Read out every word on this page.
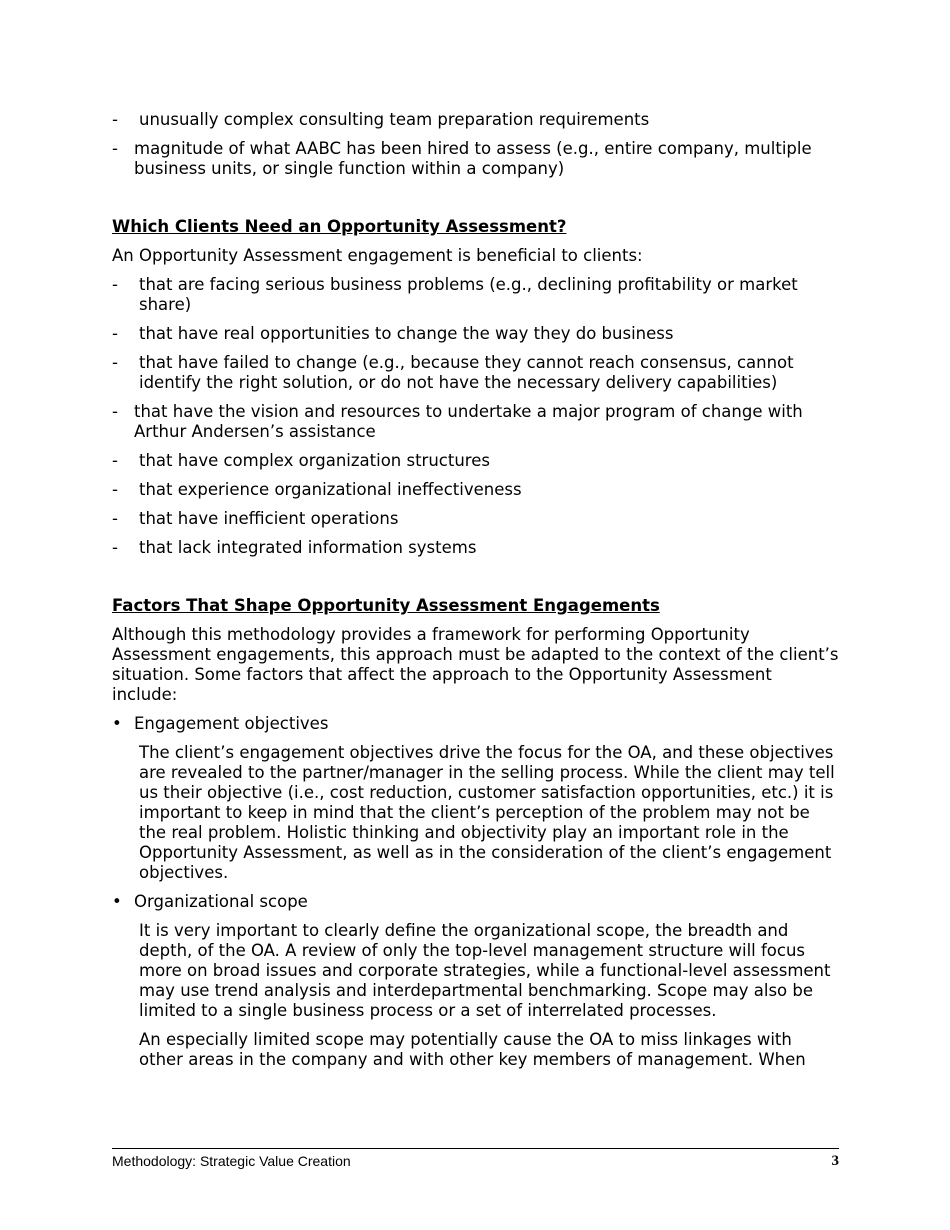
- unusually complex consulting team preparation requirements
- magnitude of what AABC has been hired to assess (e.g., entire company, multiple business units, or single function within a company)
Which Clients Need an Opportunity Assessment?
An Opportunity Assessment engagement is beneficial to clients:
- that are facing serious business problems (e.g., declining profitability or market share)
- that have real opportunities to change the way they do business
- that have failed to change (e.g., because they cannot reach consensus, cannot identify the right solution, or do not have the necessary delivery capabilities)
- that have the vision and resources to undertake a major program of change with Arthur Andersen’s assistance
- that have complex organization structures
- that experience organizational ineffectiveness
- that have inefficient operations
- that lack integrated information systems
Factors That Shape Opportunity Assessment Engagements
Although this methodology provides a framework for performing Opportunity Assessment engagements, this approach must be adapted to the context of the client’s situation. Some factors that affect the approach to the Opportunity Assessment include:
• Engagement objectives
The client’s engagement objectives drive the focus for the OA, and these objectives are revealed to the partner/manager in the selling process. While the client may tell us their objective (i.e., cost reduction, customer satisfaction opportunities, etc.) it is important to keep in mind that the client’s perception of the problem may not be the real problem. Holistic thinking and objectivity play an important role in the Opportunity Assessment, as well as in the consideration of the client’s engagement objectives.
• Organizational scope
It is very important to clearly define the organizational scope, the breadth and depth, of the OA. A review of only the top-level management structure will focus more on broad issues and corporate strategies, while a functional-level assessment may use trend analysis and interdepartmental benchmarking. Scope may also be limited to a single business process or a set of interrelated processes.
An especially limited scope may potentially cause the OA to miss linkages with other areas in the company and with other key members of management. When
Methodology: Strategic Value Creation	3
